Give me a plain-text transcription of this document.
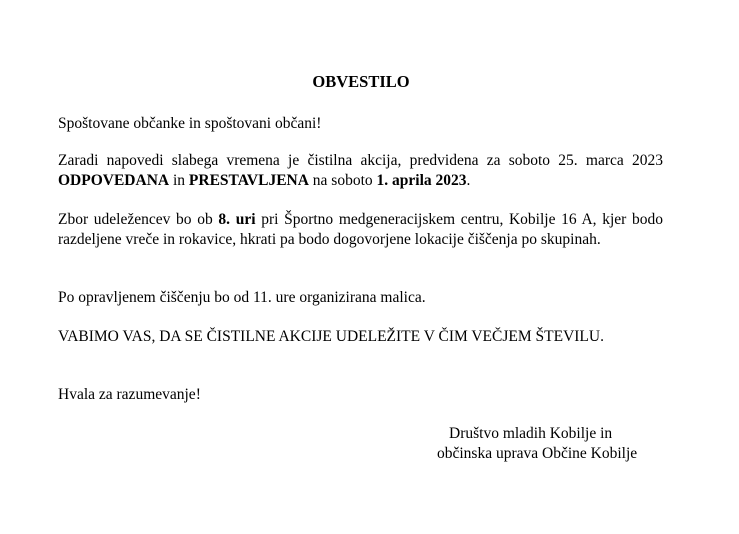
OBVESTILO

Spoštovane občanke in spoštovani občani!

Zaradi napovedi slabega vremena je čistilna akcija, predvidena za soboto 25. marca 2023 ODPOVEDANA in PRESTAVLJENA na soboto 1. aprila 2023.

Zbor udeležencev bo ob 8. uri pri Športno medgeneracijskem centru, Kobilje 16 A, kjer bodo razdeljene vreče in rokavice, hkrati pa bodo dogovorjene lokacije čiščenja po skupinah.

Po opravljenem čiščenju bo od 11. ure organizirana malica.

VABIMO VAS, DA SE ČISTILNE AKCIJE UDELEŽITE V ČIM VEČJEM ŠTEVILU.

Hvala za razumevanje!

Društvo mladih Kobilje in
občinska uprava Občine Kobilje
